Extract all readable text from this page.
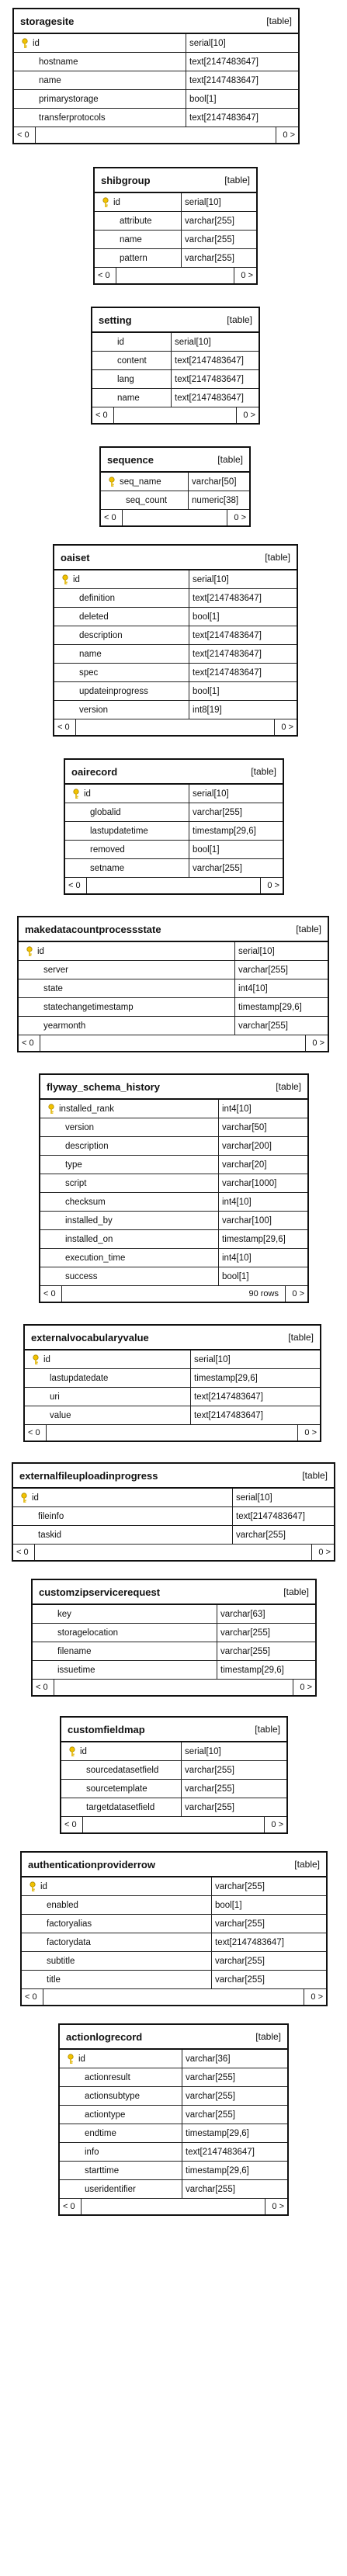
storagesite	[table]
id	serial[10]
hostname	text[2147483647]
name	text[2147483647]
primarystorage	bool[1]
transferprotocols	text[2147483647]
< 0	0 >
shibgroup	[table]
id	serial[10]
attribute	varchar[255]
name	varchar[255]
pattern	varchar[255]
< 0	0 >
setting	[table]
id	serial[10]
content	text[2147483647]
lang	text[2147483647]
name	text[2147483647]
< 0	0 >
sequence	[table]
seq_name	varchar[50]
seq_count	numeric[38]
< 0	0 >
oaiset	[table]
id	serial[10]
definition	text[2147483647]
deleted	bool[1]
description	text[2147483647]
name	text[2147483647]
spec	text[2147483647]
updateinprogress	bool[1]
version	int8[19]
< 0	0 >
oairecord	[table]
id	serial[10]
globalid	varchar[255]
lastupdatetime	timestamp[29,6]
removed	bool[1]
setname	varchar[255]
< 0	0 >
makedatacountprocessstate	[table]
id	serial[10]
server	varchar[255]
state	int4[10]
statechangetimestamp	timestamp[29,6]
yearmonth	varchar[255]
< 0	0 >
flyway_schema_history	[table]
installed_rank	int4[10]
version	varchar[50]
description	varchar[200]
type	varchar[20]
script	varchar[1000]
checksum	int4[10]
installed_by	varchar[100]
installed_on	timestamp[29,6]
execution_time	int4[10]
success	bool[1]
< 0	90 rows	0 >
externalvocabularyvalue	[table]
id	serial[10]
lastupdatedate	timestamp[29,6]
uri	text[2147483647]
value	text[2147483647]
< 0	0 >
externalfileuploadinprogress	[table]
id	serial[10]
fileinfo	text[2147483647]
taskid	varchar[255]
< 0	0 >
customzipservicerequest	[table]
key	varchar[63]
storagelocation	varchar[255]
filename	varchar[255]
issuetime	timestamp[29,6]
< 0	0 >
customfieldmap	[table]
id	serial[10]
sourcedatasetfield	varchar[255]
sourcetemplate	varchar[255]
targetdatasetfield	varchar[255]
< 0	0 >
authenticationproviderrow	[table]
id	varchar[255]
enabled	bool[1]
factoryalias	varchar[255]
factorydata	text[2147483647]
subtitle	varchar[255]
title	varchar[255]
< 0	0 >
actionlogrecord	[table]
id	varchar[36]
actionresult	varchar[255]
actionsubtype	varchar[255]
actiontype	varchar[255]
endtime	timestamp[29,6]
info	text[2147483647]
starttime	timestamp[29,6]
useridentifier	varchar[255]
< 0	0 >
